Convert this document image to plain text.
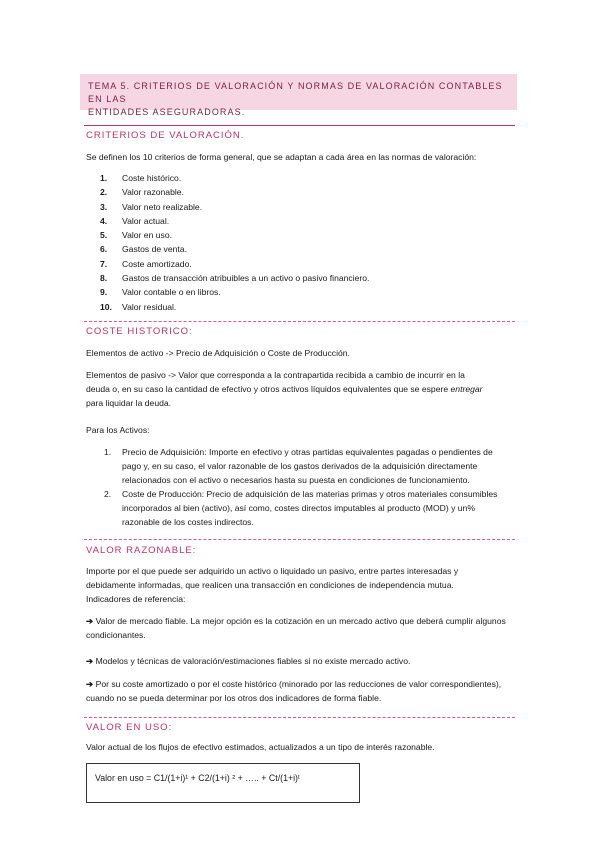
TEMA 5. CRITERIOS DE VALORACIÓN Y NORMAS DE VALORACIÓN CONTABLES EN LAS
ENTIDADES ASEGURADORAS.
CRITERIOS DE VALORACIÓN.
Se definen los 10 criterios de forma general, que se adaptan a cada área en las normas de valoración:
1. Coste histórico.
2. Valor razonable.
3. Valor neto realizable.
4. Valor actual.
5. Valor en uso.
6. Gastos de venta.
7. Coste amortizado.
8. Gastos de transacción atribuibles a un activo o pasivo financiero.
9. Valor contable o en libros.
10. Valor residual.
COSTE HISTORICO:
Elementos de activo -> Precio de Adquisición o Coste de Producción.
Elementos de pasivo -> Valor que corresponda a la contrapartida recibida a cambio de incurrir en la
deuda o, en su caso la cantidad de efectivo y otros activos líquidos equivalentes que se espere entregar
para liquidar la deuda.
Para los Activos:
1. Precio de Adquisición: Importe en efectivo y otras partidas equivalentes pagadas o pendientes de pago y, en su caso, el valor razonable de los gastos derivados de la adquisición directamente relacionados con el activo o necesarios hasta su puesta en condiciones de funcionamiento.
2. Coste de Producción: Precio de adquisición de las materias primas y otros materiales consumibles incorporados al bien (activo), así como, costes directos imputables al producto (MOD) y un% razonable de los costes indirectos.
VALOR RAZONABLE:
Importe por el que puede ser adquirido un activo o liquidado un pasivo, entre partes interesadas y
debidamente informadas, que realicen una transacción en condiciones de independencia mutua.
Indicadores de referencia:
➔ Valor de mercado fiable. La mejor opción es la cotización en un mercado activo que deberá cumplir algunos condicionantes.
➔ Modelos y técnicas de valoración/estimaciones fiables si no existe mercado activo.
➔ Por su coste amortizado o por el coste histórico (minorado por las reducciones de valor correspondientes), cuando no se pueda determinar por los otros dos indicadores de forma fiable.
VALOR EN USO:
Valor actual de los flujos de efectivo estimados, actualizados a un tipo de interés razonable.
Valor en uso = C1/(1+i)¹ + C2/(1+i) ² + ….. + Ct/(1+i)ᵗ
